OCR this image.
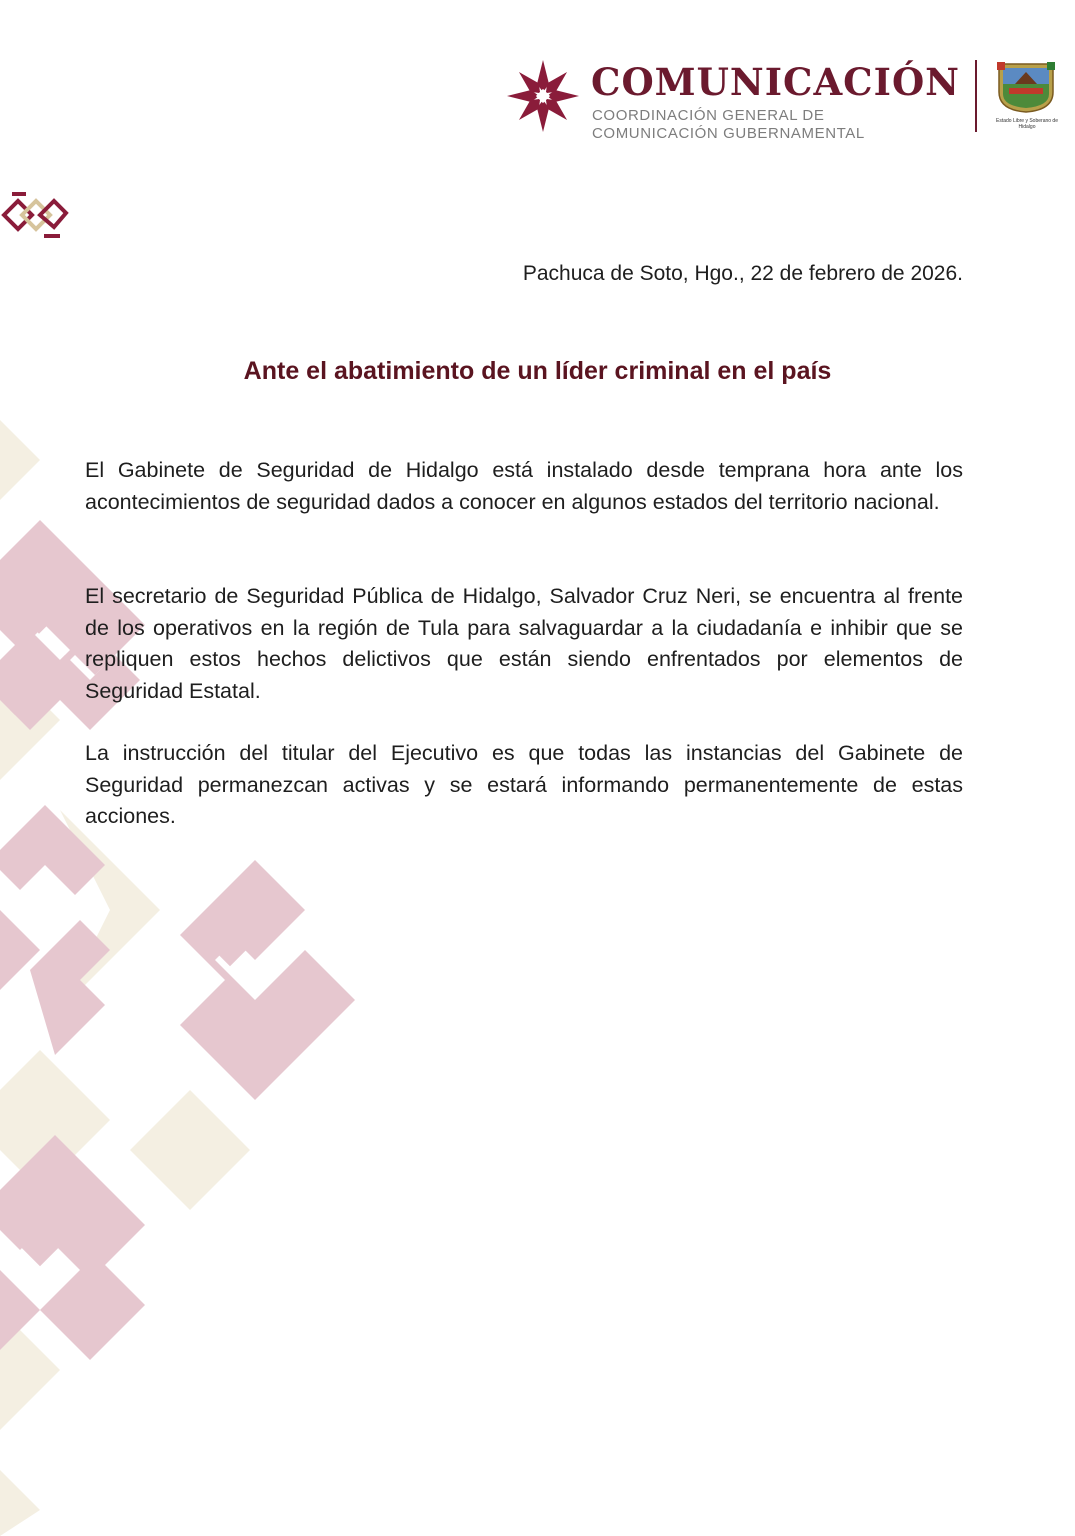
COMUNICACIÓN
COORDINACIÓN GENERAL DE
COMUNICACIÓN GUBERNAMENTAL
Estado Libre y Soberano de Hidalgo
Pachuca de Soto, Hgo., 22 de febrero de 2026.
Ante el abatimiento de un líder criminal en el país

El Gabinete de Seguridad de Hidalgo está instalado desde temprana hora ante los acontecimientos de seguridad dados a conocer en algunos estados del territorio nacional.

El secretario de Seguridad Pública de Hidalgo, Salvador Cruz Neri, se encuentra al frente de los operativos en la región de Tula para salvaguardar a la ciudadanía e inhibir que se repliquen estos hechos delictivos que están siendo enfrentados por elementos de Seguridad Estatal.

La instrucción del titular del Ejecutivo es que todas las instancias del Gabinete de Seguridad permanezcan activas y se estará informando permanentemente de estas acciones.
